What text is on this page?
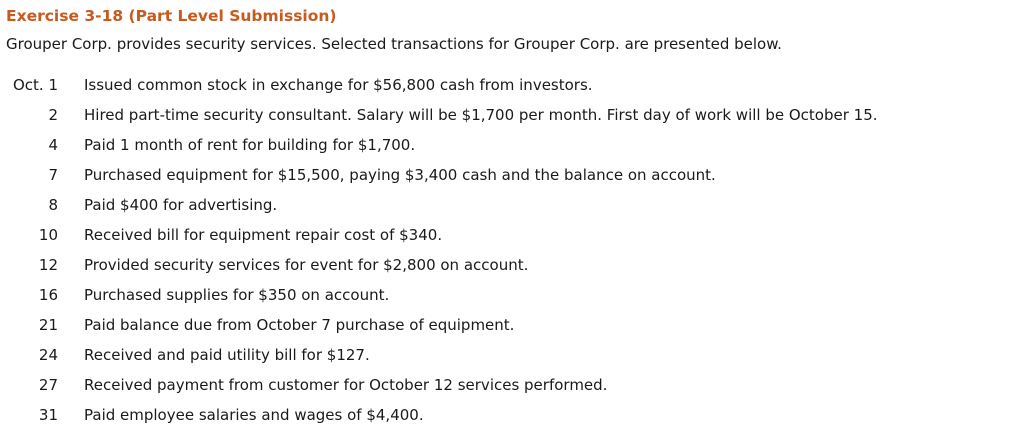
Exercise 3-18 (Part Level Submission)
Grouper Corp. provides security services. Selected transactions for Grouper Corp. are presented below.
Oct. 1 Issued common stock in exchange for $56,800 cash from investors.
2 Hired part-time security consultant. Salary will be $1,700 per month. First day of work will be October 15.
4 Paid 1 month of rent for building for $1,700.
7 Purchased equipment for $15,500, paying $3,400 cash and the balance on account.
8 Paid $400 for advertising.
10 Received bill for equipment repair cost of $340.
12 Provided security services for event for $2,800 on account.
16 Purchased supplies for $350 on account.
21 Paid balance due from October 7 purchase of equipment.
24 Received and paid utility bill for $127.
27 Received payment from customer for October 12 services performed.
31 Paid employee salaries and wages of $4,400.
